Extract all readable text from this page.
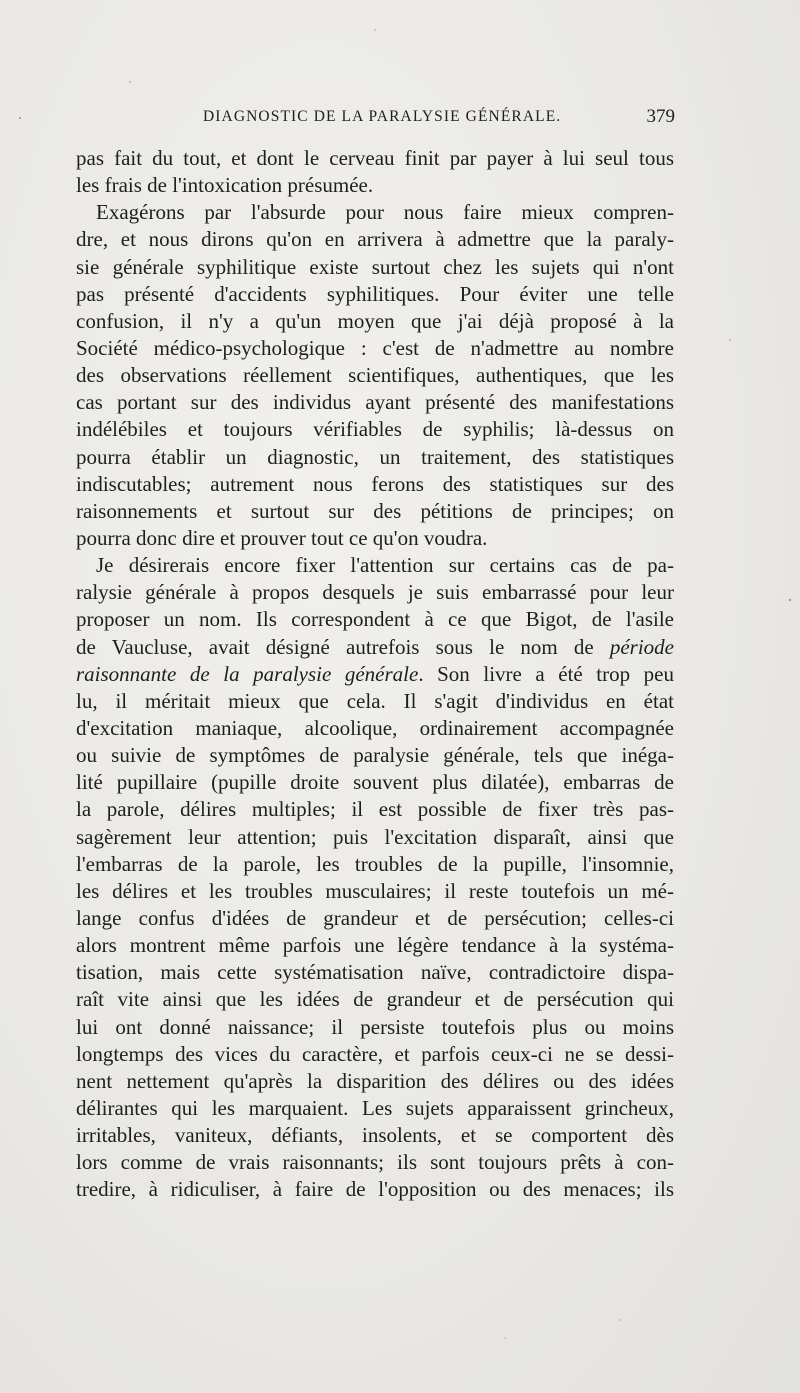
DIAGNOSTIC DE LA PARALYSIE GÉNÉRALE.	379
pas fait du tout, et dont le cerveau finit par payer à lui seul tous
les frais de l'intoxication présumée.
Exagérons par l'absurde pour nous faire mieux compren-
dre, et nous dirons qu'on en arrivera à admettre que la paraly-
sie générale syphilitique existe surtout chez les sujets qui n'ont
pas présenté d'accidents syphilitiques. Pour éviter une telle
confusion, il n'y a qu'un moyen que j'ai déjà proposé à la
Société médico-psychologique : c'est de n'admettre au nombre
des observations réellement scientifiques, authentiques, que les
cas portant sur des individus ayant présenté des manifestations
indélébiles et toujours vérifiables de syphilis; là-dessus on
pourra établir un diagnostic, un traitement, des statistiques
indiscutables; autrement nous ferons des statistiques sur des
raisonnements et surtout sur des pétitions de principes; on
pourra donc dire et prouver tout ce qu'on voudra.
Je désirerais encore fixer l'attention sur certains cas de pa-
ralysie générale à propos desquels je suis embarrassé pour leur
proposer un nom. Ils correspondent à ce que Bigot, de l'asile
de Vaucluse, avait désigné autrefois sous le nom de période
raisonnante de la paralysie générale. Son livre a été trop peu
lu, il méritait mieux que cela. Il s'agit d'individus en état
d'excitation maniaque, alcoolique, ordinairement accompagnée
ou suivie de symptômes de paralysie générale, tels que inéga-
lité pupillaire (pupille droite souvent plus dilatée), embarras de
la parole, délires multiples; il est possible de fixer très pas-
sagèrement leur attention; puis l'excitation disparaît, ainsi que
l'embarras de la parole, les troubles de la pupille, l'insomnie,
les délires et les troubles musculaires; il reste toutefois un mé-
lange confus d'idées de grandeur et de persécution; celles-ci
alors montrent même parfois une légère tendance à la systéma-
tisation, mais cette systématisation naïve, contradictoire dispa-
raît vite ainsi que les idées de grandeur et de persécution qui
lui ont donné naissance; il persiste toutefois plus ou moins
longtemps des vices du caractère, et parfois ceux-ci ne se dessi-
nent nettement qu'après la disparition des délires ou des idées
délirantes qui les marquaient. Les sujets apparaissent grincheux,
irritables, vaniteux, défiants, insolents, et se comportent dès
lors comme de vrais raisonnants; ils sont toujours prêts à con-
tredire, à ridiculiser, à faire de l'opposition ou des menaces; ils
